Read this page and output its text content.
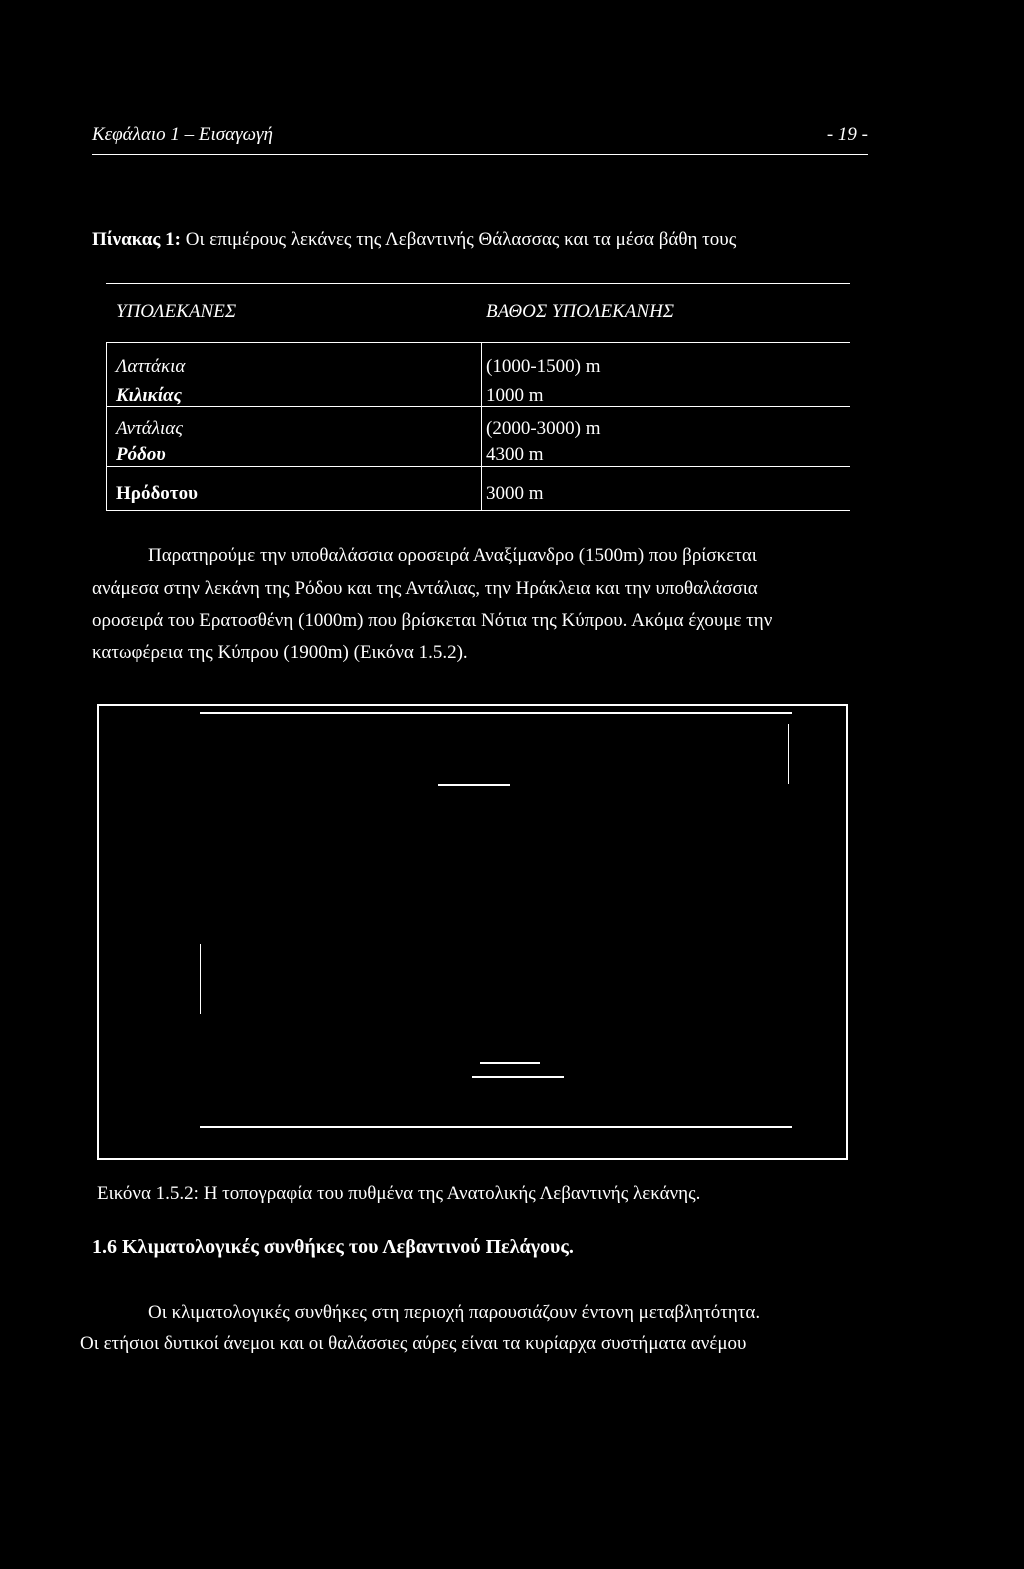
Κεφάλαιο 1 – Εισαγωγή	- 19 -
Πίνακας 1: Οι επιμέρους λεκάνες της Λεβαντινής Θάλασσας και τα μέσα βάθη τους
ΥΠΟΛΕΚΑΝΕΣ	ΒΑΘΟΣ ΥΠΟΛΕΚΑΝΗΣ
Λαττάκια	(1000-1500) m
Κιλικίας	1000 m
Αντάλιας	(2000-3000) m
Ρόδου	4300 m
Ηρόδοτου	3000 m
Παρατηρούμε την υποθαλάσσια οροσειρά Αναξίμανδρο (1500m) που βρίσκεται
ανάμεσα στην λεκάνη της Ρόδου και της Αντάλιας, την Ηράκλεια και την υποθαλάσσια
οροσειρά του Ερατοσθένη (1000m) που βρίσκεται Νότια της Κύπρου. Ακόμα έχουμε την
κατωφέρεια της Κύπρου (1900m) (Εικόνα 1.5.2).
Εικόνα 1.5.2: Η τοπογραφία του πυθμένα της Ανατολικής Λεβαντινής λεκάνης.
1.6 Κλιματολογικές συνθήκες του Λεβαντινού Πελάγους.
Οι κλιματολογικές συνθήκες στη περιοχή παρουσιάζουν έντονη μεταβλητότητα.
Οι ετήσιοι δυτικοί άνεμοι και οι θαλάσσιες αύρες είναι τα κυρίαρχα συστήματα ανέμου
